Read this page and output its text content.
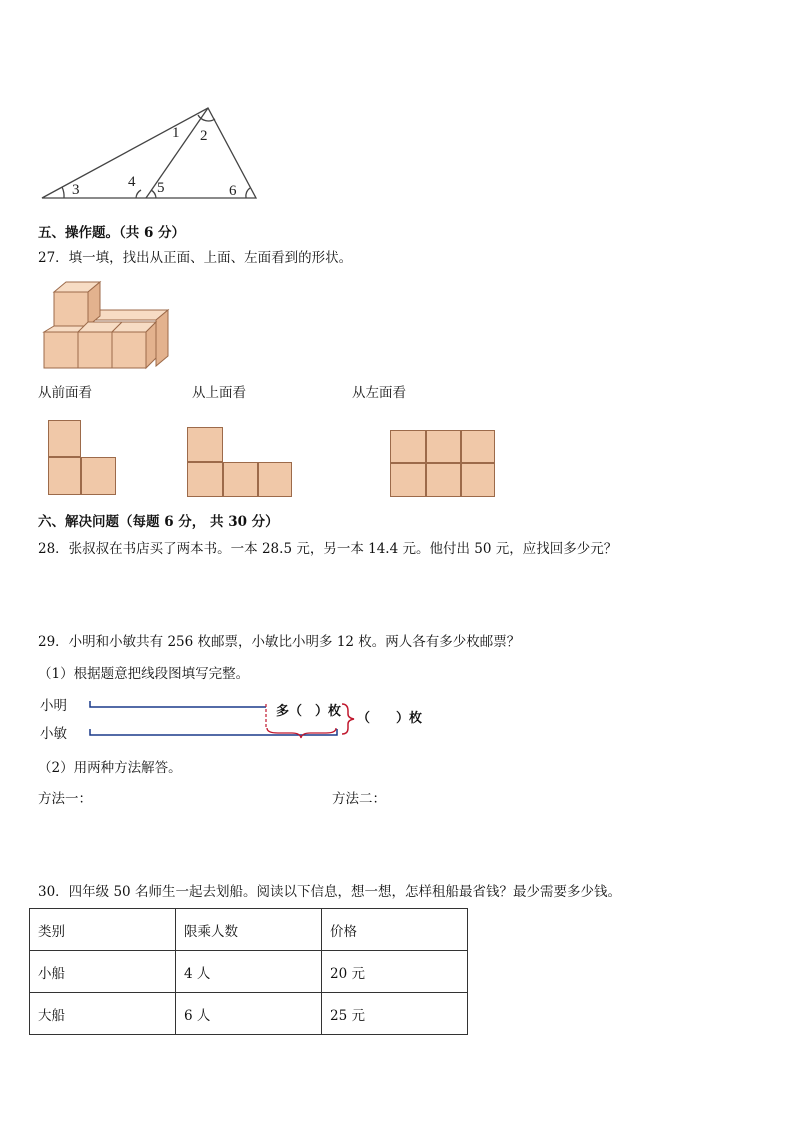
1 2
3	4 5	6
五、操作题。（共 6 分）
27．填一填，找出从正面、上面、左面看到的形状。
从前面看	从上面看	从左面看
六、解决问题（每题 6 分， 共 30 分）
28．张叔叔在书店买了两本书。一本 28.5 元，另一本 14.4 元。他付出 50 元，应找回多少元？
29．小明和小敏共有 256 枚邮票，小敏比小明多 12 枚。两人各有多少枚邮票？
（1）根据题意把线段图填写完整。
小明
小敏
多（　）枚 （　　）枚
（2）用两种方法解答。
方法一：	方法二：
30．四年级 50 名师生一起去划船。阅读以下信息，想一想，怎样租船最省钱？最少需要多少钱。
类别	限乘人数	价格
小船	4 人	20 元
大船	6 人	25 元
